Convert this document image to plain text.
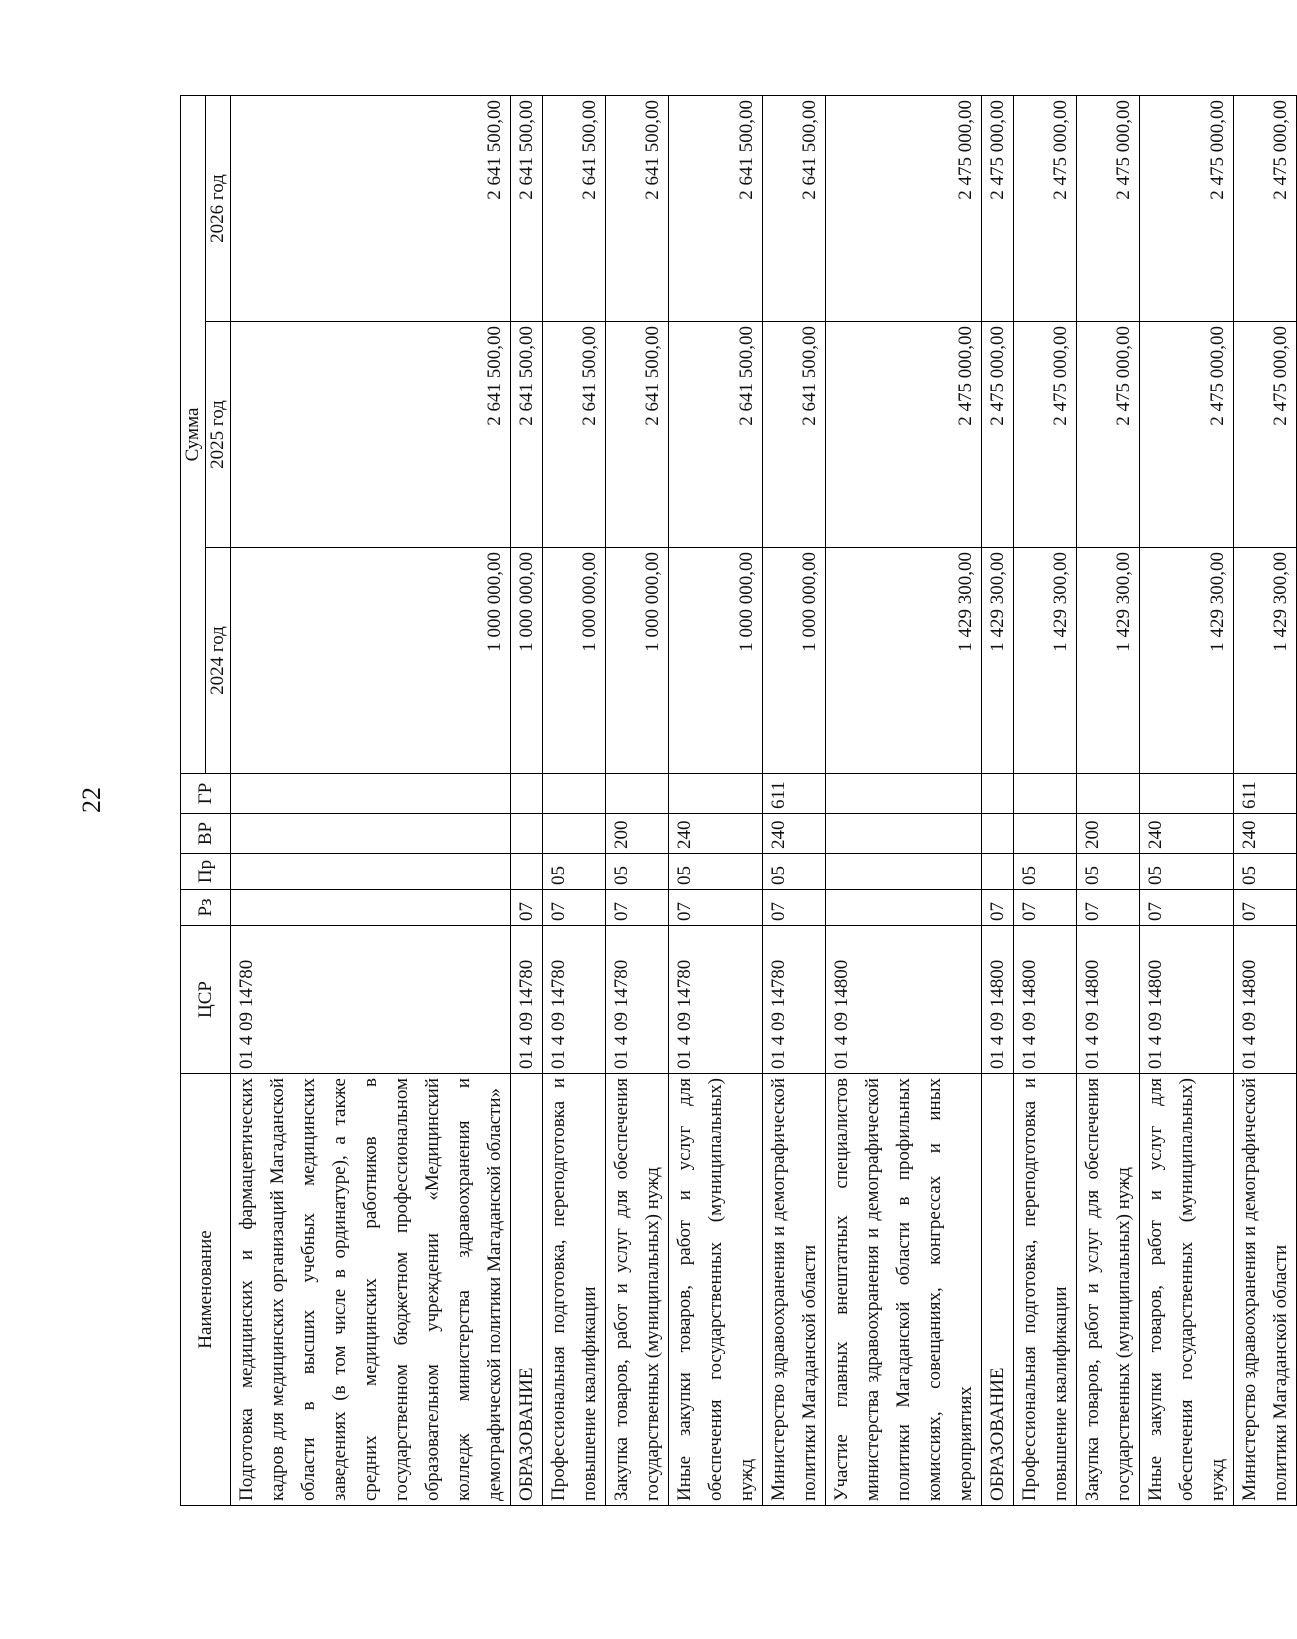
22
Наименование	ЦСР	Рз	Пр	ВР	ГР	Сумма		
						2024 год	2025 год	2026 год
Подготовка медицинских и фармацевтических кадров для медицинских организаций Магаданской области в высших учебных медицинских заведениях (в том числе в ординатуре), а также средних медицинских работников в государственном бюджетном профессиональном образовательном учреждении «Медицинский колледж министерства здравоохранения и демографической политики Магаданской области»	01 4 09 14780					1 000 000,00	2 641 500,00	2 641 500,00
ОБРАЗОВАНИЕ	01 4 09 14780	07				1 000 000,00	2 641 500,00	2 641 500,00
Профессиональная подготовка, переподготовка и повышение квалификации	01 4 09 14780	07	05			1 000 000,00	2 641 500,00	2 641 500,00
Закупка товаров, работ и услуг для обеспечения государственных (муниципальных) нужд	01 4 09 14780	07	05	200		1 000 000,00	2 641 500,00	2 641 500,00
Иные закупки товаров, работ и услуг для обеспечения государственных (муниципальных) нужд	01 4 09 14780	07	05	240		1 000 000,00	2 641 500,00	2 641 500,00
Министерство здравоохранения и демографической политики Магаданской области	01 4 09 14780	07	05	240	611	1 000 000,00	2 641 500,00	2 641 500,00
Участие главных внештатных специалистов министерства здравоохранения и демографической политики Магаданской области в профильных комиссиях, совещаниях, конгрессах и иных мероприятиях	01 4 09 14800					1 429 300,00	2 475 000,00	2 475 000,00
ОБРАЗОВАНИЕ	01 4 09 14800	07				1 429 300,00	2 475 000,00	2 475 000,00
Профессиональная подготовка, переподготовка и повышение квалификации	01 4 09 14800	07	05			1 429 300,00	2 475 000,00	2 475 000,00
Закупка товаров, работ и услуг для обеспечения государственных (муниципальных) нужд	01 4 09 14800	07	05	200		1 429 300,00	2 475 000,00	2 475 000,00
Иные закупки товаров, работ и услуг для обеспечения государственных (муниципальных) нужд	01 4 09 14800	07	05	240		1 429 300,00	2 475 000,00	2 475 000,00
Министерство здравоохранения и демографической политики Магаданской области	01 4 09 14800	07	05	240	611	1 429 300,00	2 475 000,00	2 475 000,00
